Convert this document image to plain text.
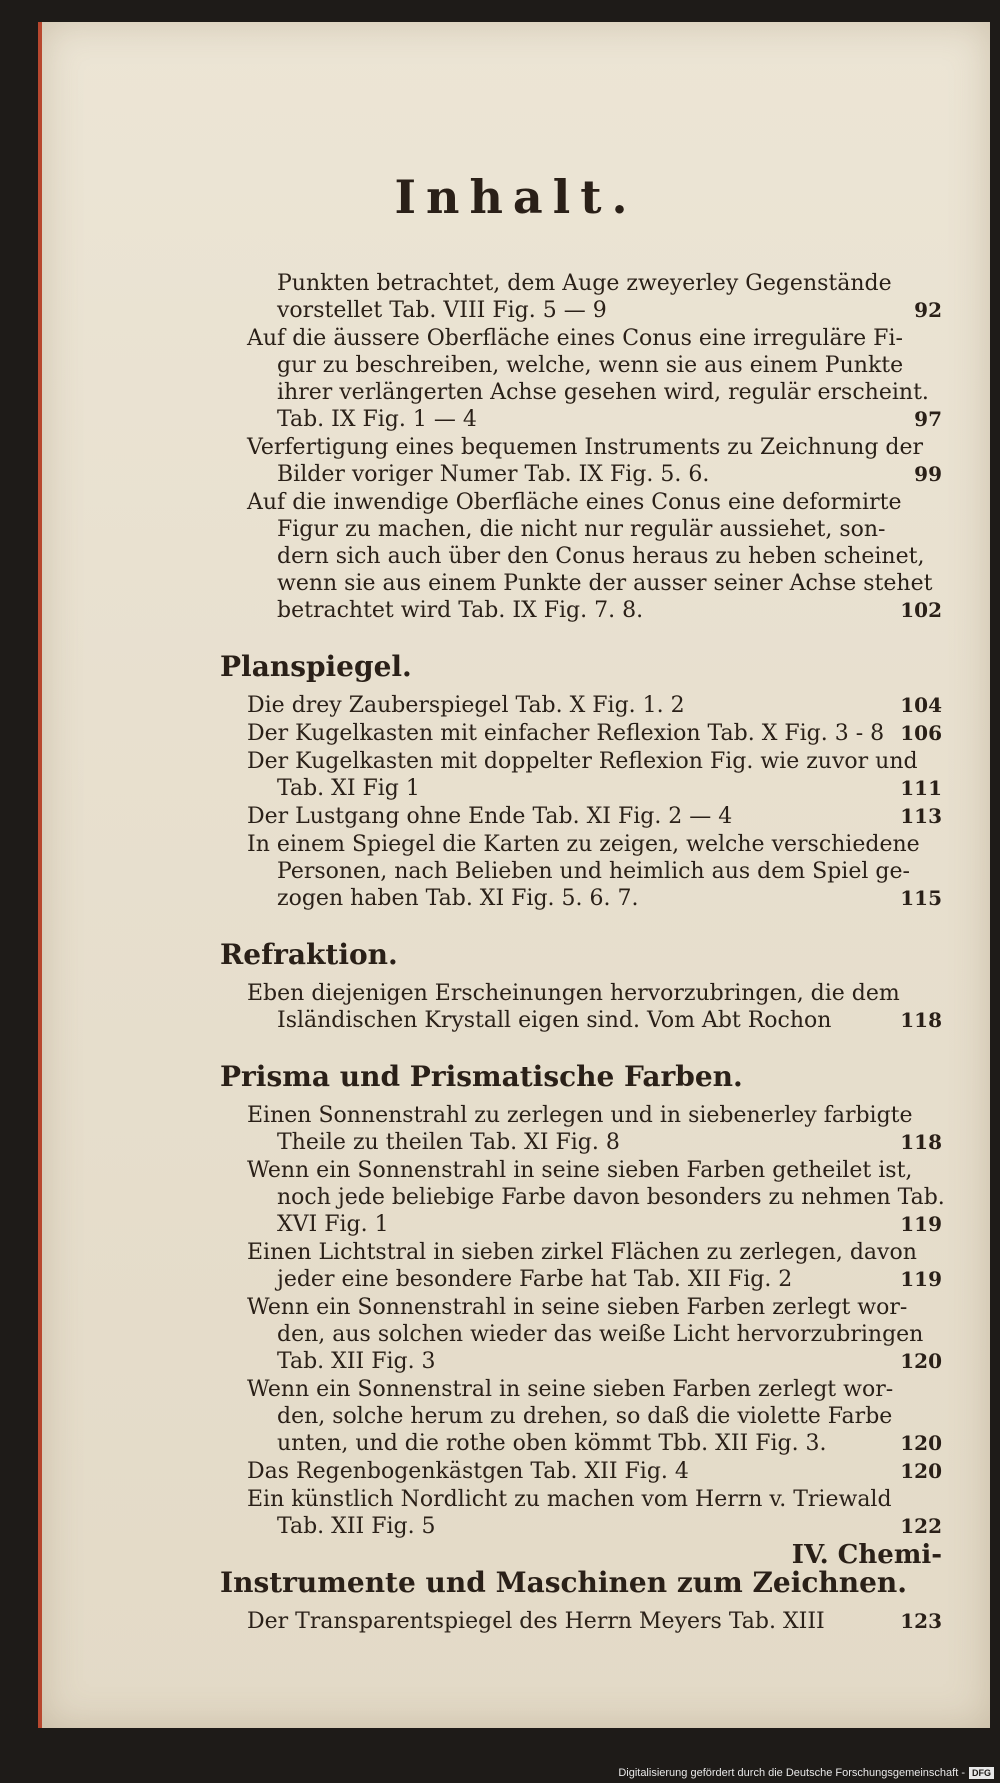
Inhalt.
Punkten betrachtet, dem Auge zweyerley Gegenstände
vorstellet Tab. VIII Fig. 5 — 9	92
Auf die äussere Oberfläche eines Conus eine irreguläre Fi-
gur zu beschreiben, welche, wenn sie aus einem Punkte
ihrer verlängerten Achse gesehen wird, regulär erscheint.
Tab. IX Fig. 1 — 4	97
Verfertigung eines bequemen Instruments zu Zeichnung der
Bilder voriger Numer Tab. IX Fig. 5. 6.	99
Auf die inwendige Oberfläche eines Conus eine deformirte
Figur zu machen, die nicht nur regulär aussiehet, son-
dern sich auch über den Conus heraus zu heben scheinet,
wenn sie aus einem Punkte der ausser seiner Achse stehet
betrachtet wird Tab. IX Fig. 7. 8.	102
Planspiegel.
Die drey Zauberspiegel Tab. X Fig. 1. 2	104
Der Kugelkasten mit einfacher Reflexion Tab. X Fig. 3 - 8 106
Der Kugelkasten mit doppelter Reflexion Fig. wie zuvor und
Tab. XI Fig 1	111
Der Lustgang ohne Ende Tab. XI Fig. 2 — 4	113
In einem Spiegel die Karten zu zeigen, welche verschiedene
Personen, nach Belieben und heimlich aus dem Spiel ge-
zogen haben Tab. XI Fig. 5. 6. 7.	115
Refraktion.
Eben diejenigen Erscheinungen hervorzubringen, die dem
Isländischen Krystall eigen sind. Vom Abt Rochon	118
Prisma und Prismatische Farben.
Einen Sonnenstrahl zu zerlegen und in siebenerley farbigte
Theile zu theilen Tab. XI Fig. 8	118
Wenn ein Sonnenstrahl in seine sieben Farben getheilet ist,
noch jede beliebige Farbe davon besonders zu nehmen Tab.
XVI Fig. 1	119
Einen Lichtstral in sieben zirkel Flächen zu zerlegen, davon
jeder eine besondere Farbe hat Tab. XII Fig. 2	119
Wenn ein Sonnenstrahl in seine sieben Farben zerlegt wor-
den, aus solchen wieder das weiße Licht hervorzubringen
Tab. XII Fig. 3	120
Wenn ein Sonnenstral in seine sieben Farben zerlegt wor-
den, solche herum zu drehen, so daß die violette Farbe
unten, und die rothe oben kömmt Tbb. XII Fig. 3.	120
Das Regenbogenkästgen Tab. XII Fig. 4	120
Ein künstlich Nordlicht zu machen vom Herrn v. Triewald
Tab. XII Fig. 5	122
Instrumente und Maschinen zum Zeichnen.
Der Transparentspiegel des Herrn Meyers Tab. XIII	123
IV. Chemi-
Digitalisierung gefördert durch die Deutsche Forschungsgemeinschaft - DFG
